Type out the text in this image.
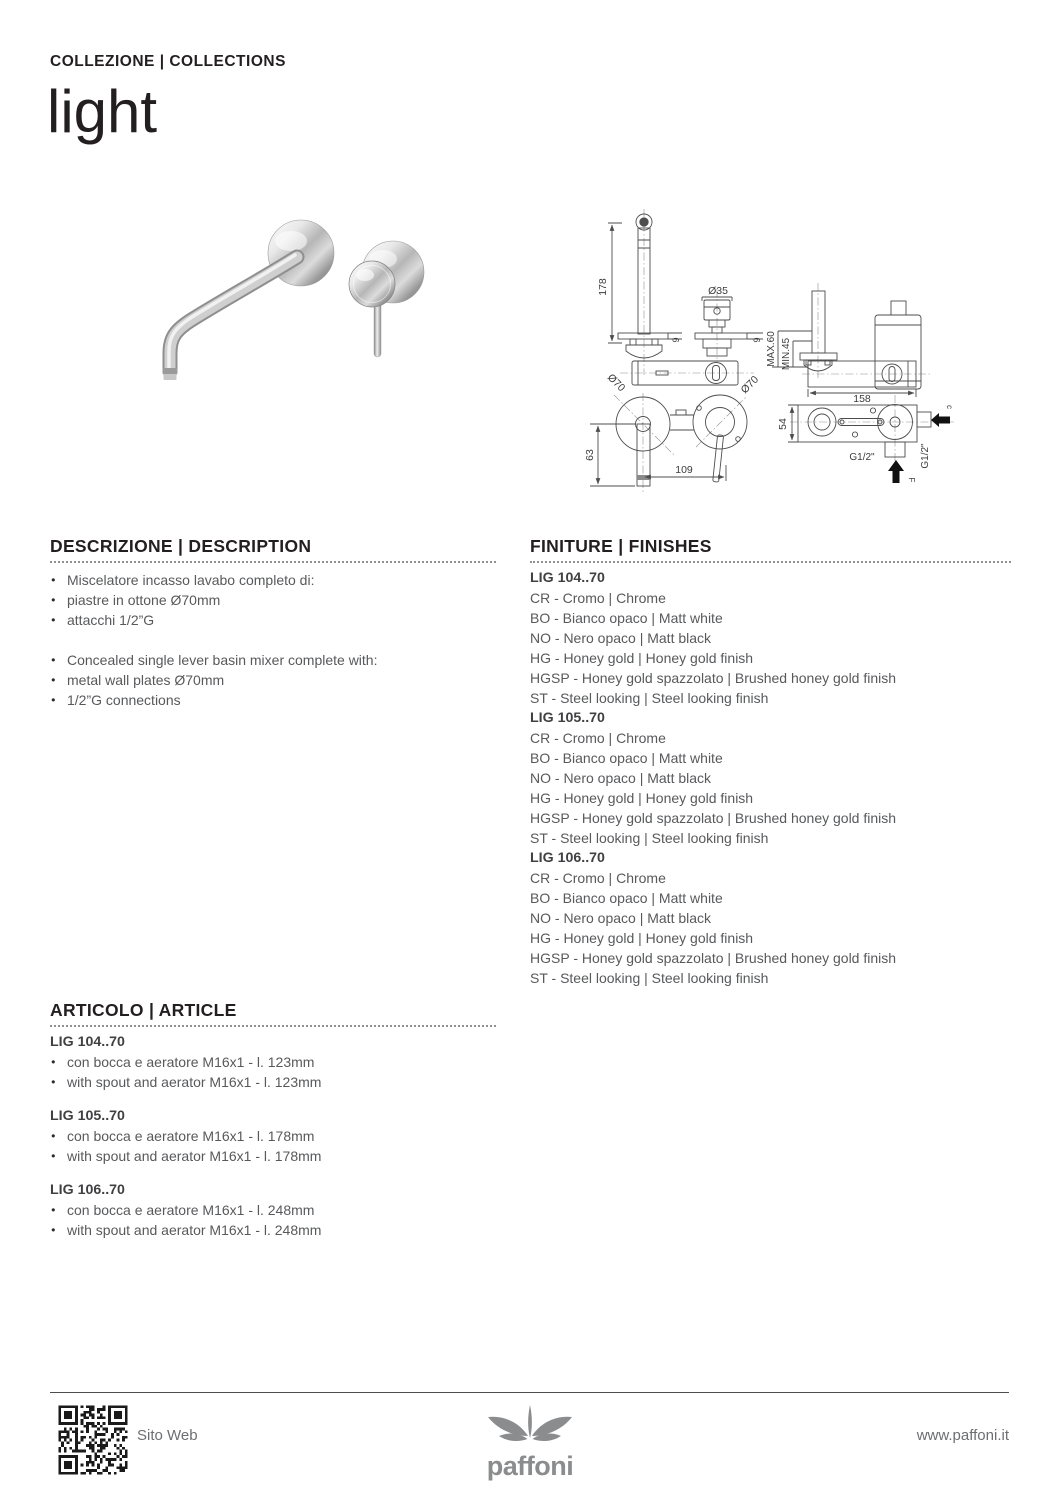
COLLEZIONE | COLLECTIONS
light
178	Ø35
9	9 MAX.60 MIN.45
158
Ø70	Ø70
63
109
54
G1/2"	G1/2"
c
F
DESCRIZIONE | DESCRIPTION
● Miscelatore incasso lavabo completo di:
● piastre in ottone Ø70mm
● attacchi 1/2”G
● Concealed single lever basin mixer complete with:
● metal wall plates Ø70mm
● 1/2”G connections
FINITURE | FINISHES
LIG 104..70
CR - Cromo | Chrome
BO - Bianco opaco | Matt white
NO - Nero opaco | Matt black
HG - Honey gold | Honey gold finish
HGSP - Honey gold spazzolato | Brushed honey gold finish
ST - Steel looking | Steel looking finish
LIG 105..70
CR - Cromo | Chrome
BO - Bianco opaco | Matt white
NO - Nero opaco | Matt black
HG - Honey gold | Honey gold finish
HGSP - Honey gold spazzolato | Brushed honey gold finish
ST - Steel looking | Steel looking finish
LIG 106..70
CR - Cromo | Chrome
BO - Bianco opaco | Matt white
NO - Nero opaco | Matt black
HG - Honey gold | Honey gold finish
HGSP - Honey gold spazzolato | Brushed honey gold finish
ST - Steel looking | Steel looking finish
ARTICOLO | ARTICLE
LIG 104..70
● con bocca e aeratore M16x1 - l. 123mm
● with spout and aerator M16x1 - l. 123mm
LIG 105..70
● con bocca e aeratore M16x1 - l. 178mm
● with spout and aerator M16x1 - l. 178mm
LIG 106..70
● con bocca e aeratore M16x1 - l. 248mm
● with spout and aerator M16x1 - l. 248mm
Sito Web
paffoni
www.paffoni.it
